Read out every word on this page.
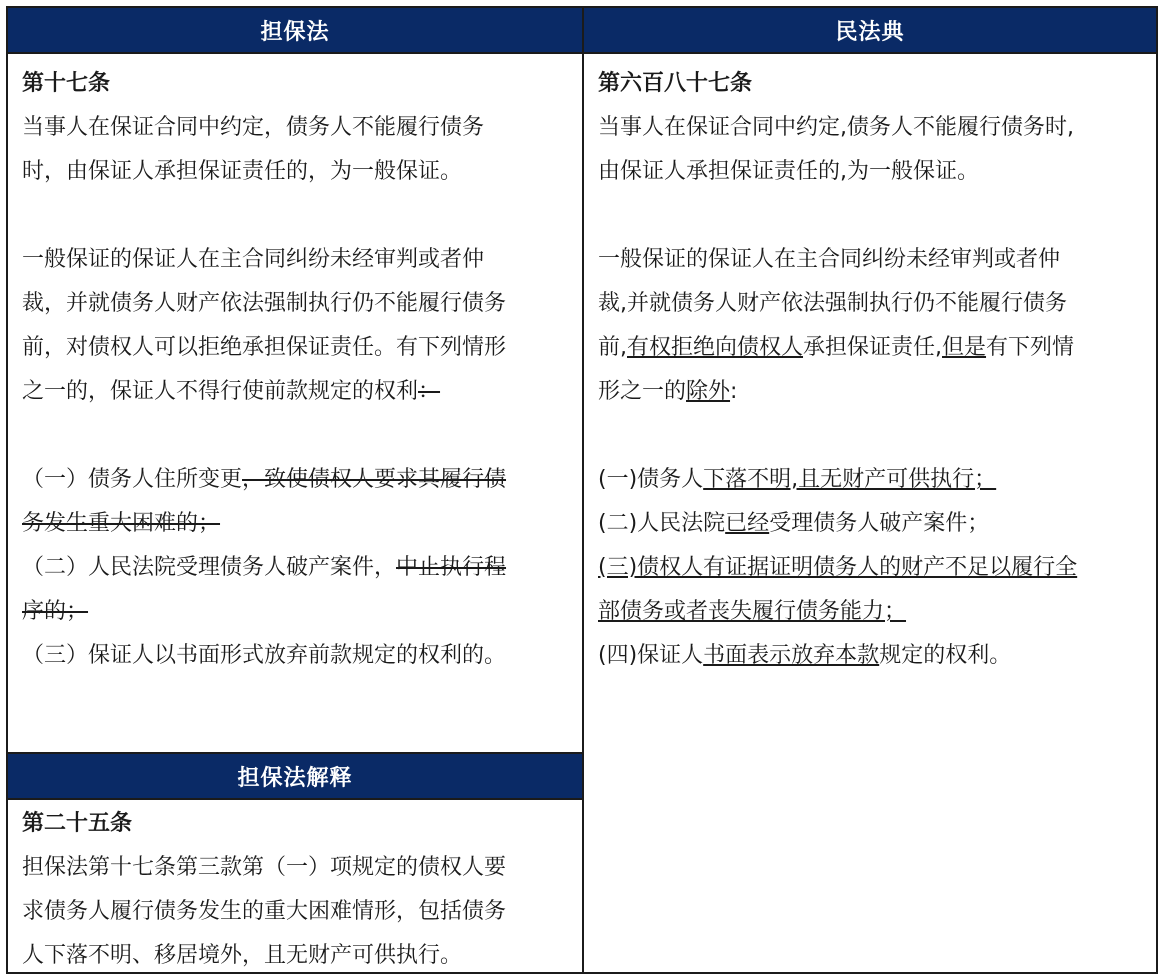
担保法	民法典
第十七条
当事人在保证合同中约定，债务人不能履行债务
时，由保证人承担保证责任的，为一般保证。
一般保证的保证人在主合同纠纷未经审判或者仲
裁，并就债务人财产依法强制执行仍不能履行债务
前，对债权人可以拒绝承担保证责任。有下列情形
之一的，保证人不得行使前款规定的权利：
（一）债务人住所变更，致使债权人要求其履行债
务发生重大困难的；
（二）人民法院受理债务人破产案件，中止执行程
序的；
（三）保证人以书面形式放弃前款规定的权利的。
担保法解释
第二十五条
担保法第十七条第三款第（一）项规定的债权人要
求债务人履行债务发生的重大困难情形，包括债务
人下落不明、移居境外，且无财产可供执行。
第六百八十七条
当事人在保证合同中约定,债务人不能履行债务时,
由保证人承担保证责任的,为一般保证。
一般保证的保证人在主合同纠纷未经审判或者仲
裁,并就债务人财产依法强制执行仍不能履行债务
前,有权拒绝向债权人承担保证责任,但是有下列情
形之一的除外:
(一)债务人下落不明,且无财产可供执行；
(二)人民法院已经受理债务人破产案件；
(三)债权人有证据证明债务人的财产不足以履行全
部债务或者丧失履行债务能力；
(四)保证人书面表示放弃本款规定的权利。
